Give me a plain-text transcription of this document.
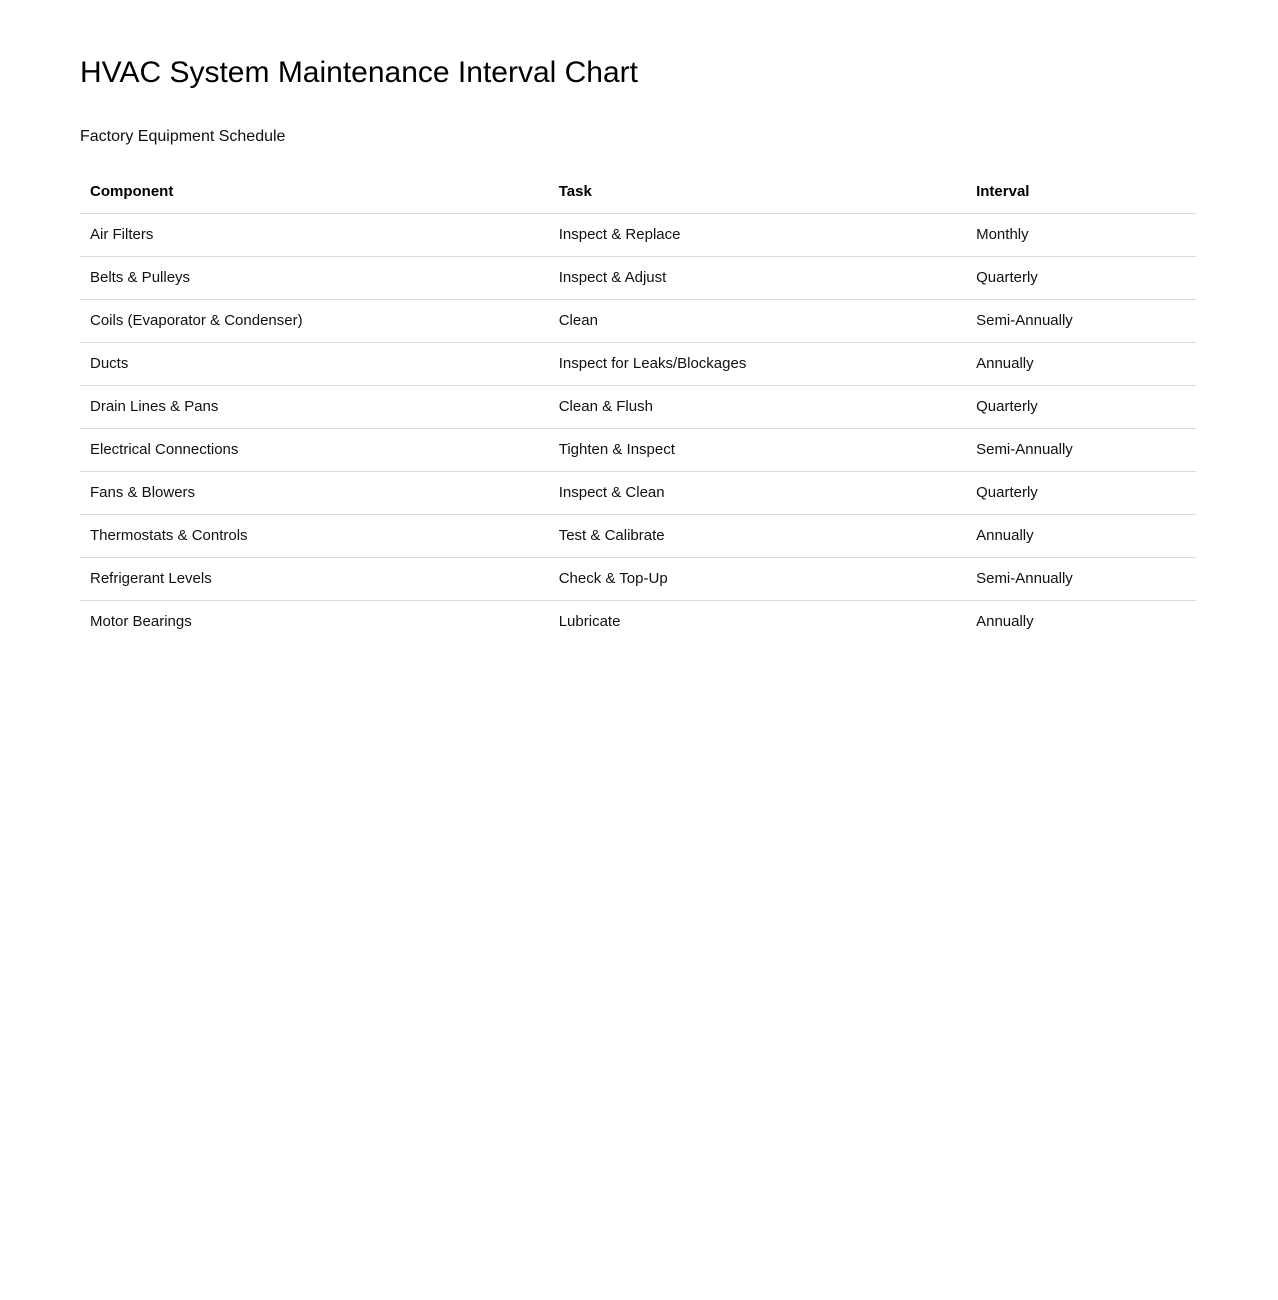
HVAC System Maintenance Interval Chart

Factory Equipment Schedule

Component	Task	Interval
Air Filters	Inspect & Replace	Monthly
Belts & Pulleys	Inspect & Adjust	Quarterly
Coils (Evaporator & Condenser)	Clean	Semi-Annually
Ducts	Inspect for Leaks/Blockages	Annually
Drain Lines & Pans	Clean & Flush	Quarterly
Electrical Connections	Tighten & Inspect	Semi-Annually
Fans & Blowers	Inspect & Clean	Quarterly
Thermostats & Controls	Test & Calibrate	Annually
Refrigerant Levels	Check & Top-Up	Semi-Annually
Motor Bearings	Lubricate	Annually
